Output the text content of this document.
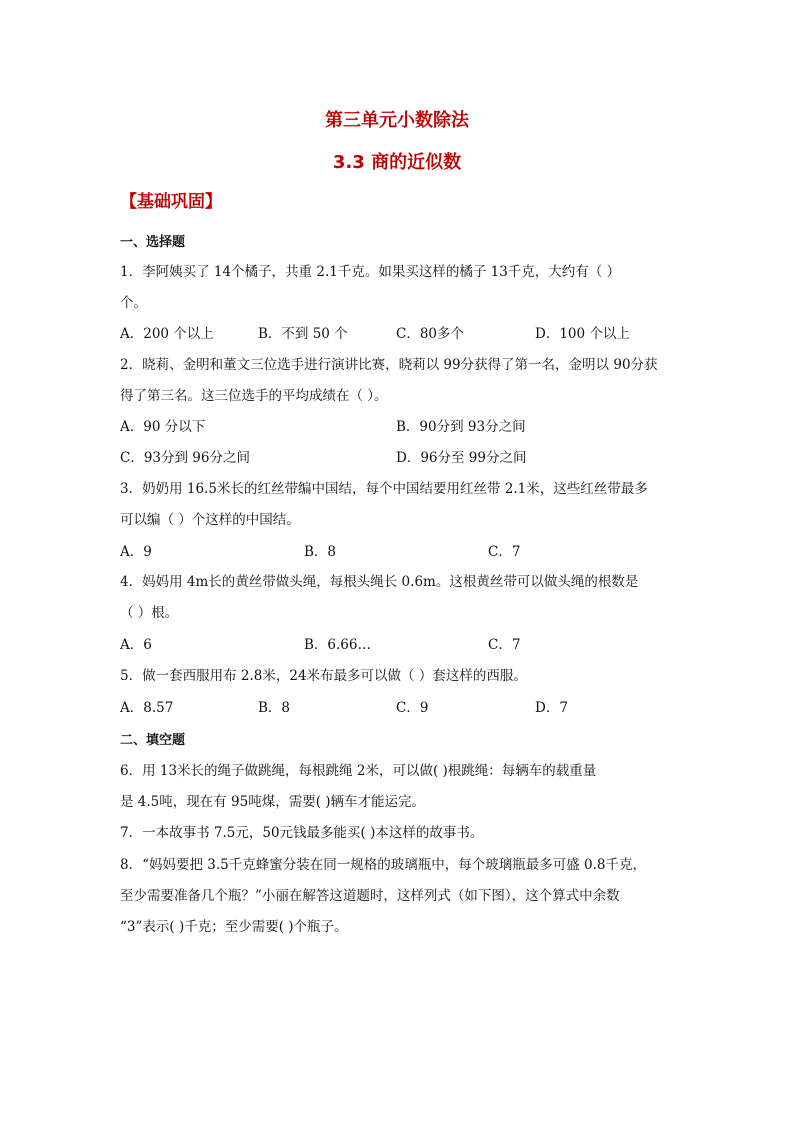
第三单元小数除法
3.3 商的近似数
【基础巩固】
一、选择题
1．李阿姨买了 14个橘子，共重 2.1千克。如果买这样的橘子 13千克，大约有（ ）
个。
A．200 个以上	B．不到 50 个	C．80多个	D．100 个以上
2．晓莉、金明和董文三位选手进行演讲比赛，晓莉以 99分获得了第一名，金明以 90分获
得了第三名。这三位选手的平均成绩在（ ）。
A．90 分以下	B．90分到 93分之间
C．93分到 96分之间	D．96分至 99分之间
3．奶奶用 16.5米长的红丝带编中国结，每个中国结要用红丝带 2.1米，这些红丝带最多
可以编（ ）个这样的中国结。
A．9	B．8	C．7
4．妈妈用 4m长的黄丝带做头绳，每根头绳长 0.6m。这根黄丝带可以做头绳的根数是
（ ）根。
A．6	B．6.66…	C．7
5．做一套西服用布 2.8米，24米布最多可以做（ ）套这样的西服。
A．8.57	B．8	C．9	D．7
二、填空题
6．用 13米长的绳子做跳绳，每根跳绳 2米，可以做( )根跳绳：每辆车的载重量
是 4.5吨，现在有 95吨煤，需要( )辆车才能运完。
7．一本故事书 7.5元，50元钱最多能买( )本这样的故事书。
8．“妈妈要把 3.5千克蜂蜜分装在同一规格的玻璃瓶中，每个玻璃瓶最多可盛 0.8千克，
至少需要准备几个瓶？”小丽在解答这道题时，这样列式（如下图），这个算式中余数
“3”表示( )千克；至少需要( )个瓶子。
